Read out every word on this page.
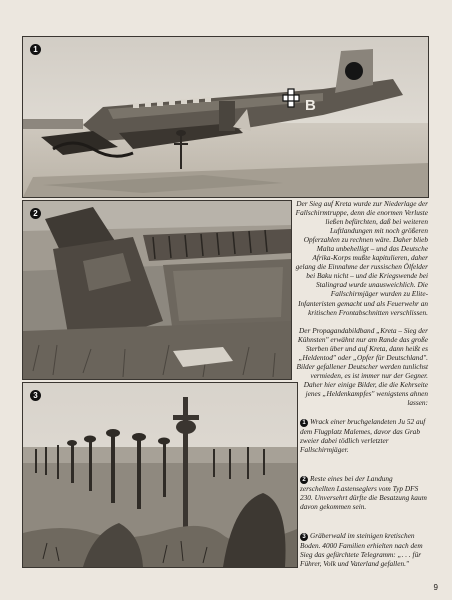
B
1
2
3

Der Sieg auf Kreta wurde zur Niederlage der Fallschirmtruppe, denn die enormen Verluste ließen befürchten, daß bei weiteren Luftlandungen mit noch größeren Opferzahlen zu rechnen wäre. Daher blieb Malta unbehelligt – und das Deutsche Afrika-Korps mußte kapitulieren, daher gelang die Einnahme der russischen Ölfelder bei Baku nicht – und die Kriegswende bei Stalingrad wurde unausweichlich. Die Fallschirmjäger wurden zu Elite-Infanteristen gemacht und als Feuerwehr an kritischen Frontabschnitten verschlissen.

Der Propagandabildband „Kreta – Sieg der Kühnsten" erwähnt nur am Rande das große Sterben über und auf Kreta, dann heißt es „Heldentod" oder „Opfer für Deutschland". Bilder gefallener Deutscher werden tunlichst vermieden, es ist immer nur der Gegner. Daher hier einige Bilder, die die Kehrseite jenes „Heldenkampfes" wenigstens ahnen lassen:

1 Wrack einer bruchgelandeten Ju 52 auf dem Flugplatz Malemes, davor das Grab zweier dabei tödlich verletzter Fallschirmjäger.
2 Reste eines bei der Landung zerschellten Lastenseglers vom Typ DFS 230. Unversehrt dürfte die Besatzung kaum davon gekommen sein.
3 Gräberwald im steinigen kretischen Boden. 4000 Familien erhielten nach dem Sieg das gefürchtete Telegramm: „. . . für Führer, Volk und Vaterland gefallen."
9
